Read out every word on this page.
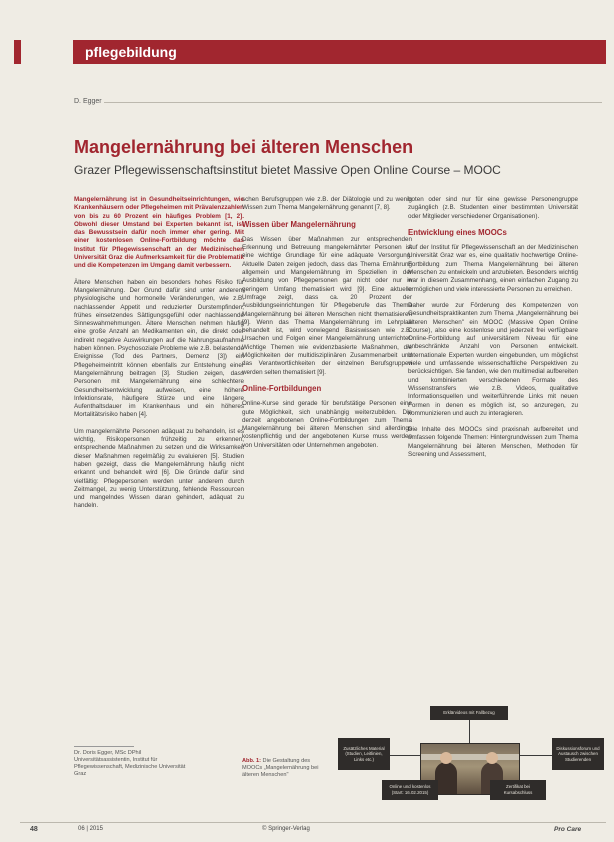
pflegebildung
D. Egger
Mangelernährung bei älteren Menschen
Grazer Pflegewissenschaftsinstitut bietet Massive Open Online Course – MOOC

Mangelernährung ist in Gesundheitseinrichtungen, wie Krankenhäusern oder Pflegeheimen mit Prävalenzzahlen von bis zu 60 Prozent ein häufiges Problem [1, 2]. Obwohl dieser Umstand bei Experten bekannt ist, ist das Bewusstsein dafür noch immer eher gering. Mit einer kostenlosen Online-Fortbildung möchte das Institut für Pflegewissenschaft an der Medizinischen Universität Graz die Aufmerksamkeit für die Problematik und die Kompetenzen im Umgang damit verbessern.

Ältere Menschen haben ein besonders hohes Risiko für Mangelernährung. Der Grund dafür sind unter anderem physiologische und hormonelle Veränderungen, wie z.B. nachlassender Appetit und reduzierter Durstempfinden, frühes einsetzendes Sättigungsgefühl oder nachlassende Sinneswahrnehmungen. Ältere Menschen nehmen häufig eine große Anzahl an Medikamenten ein, die direkt oder indirekt negative Auswirkungen auf die Nahrungsaufnahme haben können. Psychosoziale Probleme wie z.B. belastende Ereignisse (Tod des Partners, Demenz [3]) ein Pflegeheimeintritt können ebenfalls zur Entstehung einer Mangelernährung beitragen [3]. Studien zeigen, dass Personen mit Mangelernährung eine schlechtere Gesundheitsentwicklung aufweisen, eine höhere Infektionsrate, häufigere Stürze und eine längere Aufenthaltsdauer im Krankenhaus und ein höheres Mortalitätsrisiko haben [4].

Um mangelernährte Personen adäquat zu behandeln, ist es wichtig, Risikopersonen frühzeitig zu erkennen, entsprechende Maßnahmen zu setzen und die Wirksamkeit dieser Maßnahmen regelmäßig zu evaluieren [5]. Studien haben gezeigt, dass die Mangelernährung häufig nicht erkannt und behandelt wird [6]. Die Gründe dafür sind vielfältig: Pflegepersonen werden unter anderem durch Zeitmangel, zu wenig Unterstützung, fehlende Ressourcen und mangelndes Wissen daran gehindert, adäquat zu handeln.

schen Berufsgruppen wie z.B. der Diätologie und zu wenig Wissen zum Thema Mangelernährung genannt [7, 8].

Wissen über Mangelernährung

Das Wissen über Maßnahmen zur entsprechenden Erkennung und Betreuung mangelernährter Personen ist eine wichtige Grundlage für eine adäquate Versorgung. Aktuelle Daten zeigen jedoch, dass das Thema Ernährung allgemein und Mangelernährung im Speziellen in der Ausbildung von Pflegepersonen gar nicht oder nur in geringem Umfang thematisiert wird [9]. Eine aktuelle Umfrage zeigt, dass ca. 20 Prozent der Ausbildungseinrichtungen für Pflegeberufe das Thema Mangelernährung bei älteren Menschen nicht thematisieren [9]. Wenn das Thema Mangelernährung im Lehrplan behandelt ist, wird vorwiegend Basiswissen wie z.B. Ursachen und Folgen einer Mangelernährung unterrichtet. Wichtige Themen wie evidenzbasierte Maßnahmen, die Möglichkeiten der multidisziplinären Zusammenarbeit und das Verantwortlichkeiten der einzelnen Berufsgruppen werden selten thematisiert [9].

Online-Fortbildungen

Online-Kurse sind gerade für berufstätige Personen eine gute Möglichkeit, sich unabhängig weiterzubilden. Die derzeit angebotenen Online-Fortbildungen zum Thema Mangelernährung bei älteren Menschen sind allerdings kostenpflichtig und der angebotenen Kurse muss werden von Universitäten oder Unternehmen angeboten.

boten oder sind nur für eine gewisse Personengruppe zugänglich (z.B. Studenten einer bestimmten Universität oder Mitglieder verschiedener Organisationen).

Entwicklung eines MOOCs

Auf der Institut für Pflegewissenschaft an der Medizinischen Universität Graz war es, eine qualitativ hochwertige Online-Fortbildung zum Thema Mangelernährung bei älteren Menschen zu entwickeln und anzubieten. Besonders wichtig war in diesem Zusammenhang, einen einfachen Zugang zu ermöglichen und viele interessierte Personen zu erreichen.

Daher wurde zur Förderung des Kompetenzen von Gesundheitspraktikanten zum Thema „Mangelernährung bei älteren Menschen" ein MOOC (Massive Open Online Course), also eine kostenlose und jederzeit frei verfügbare Online-Fortbildung auf universitärem Niveau für eine unbeschränkte Anzahl von Personen entwickelt. Internationale Experten wurden eingebunden, um möglichst viele und umfassende wissenschaftliche Perspektiven zu berücksichtigen. Sie fanden, wie den multimedial aufbereiten und kombinierten verschiedenen Formate des Wissenstransfers wie z.B. Videos, qualitative Informationsquellen und weiterführende Links mit neuen Formen in denen es möglich ist, so anzuregen, zu kommunizieren und auch zu interagieren.

Die Inhalte des MOOCs sind praxisnah aufbereitet und umfassen folgende Themen: Hintergrundwissen zum Thema Mangelernährung bei älteren Menschen, Methoden für Screening und Assessment,

Dr. Doris Egger, MSc DPhil
Universitätsassistentin, Institut für Pflegewissenschaft, Medizinische Universität Graz
Abb. 1: Die Gestaltung des MOOCs „Mangelernährung bei älteren Menschen"
Erklärvideos mit Fallbezug
Zusätzliches Material (Studien, Leitlinien, Links etc.)
Diskussionsforum und Austausch zwischen Studierenden
Online und kostenlos (Start: 16.02.2015)
Zertifikat bei Kursabschluss
48	06 | 2015	© Springer-Verlag	Pro Care
